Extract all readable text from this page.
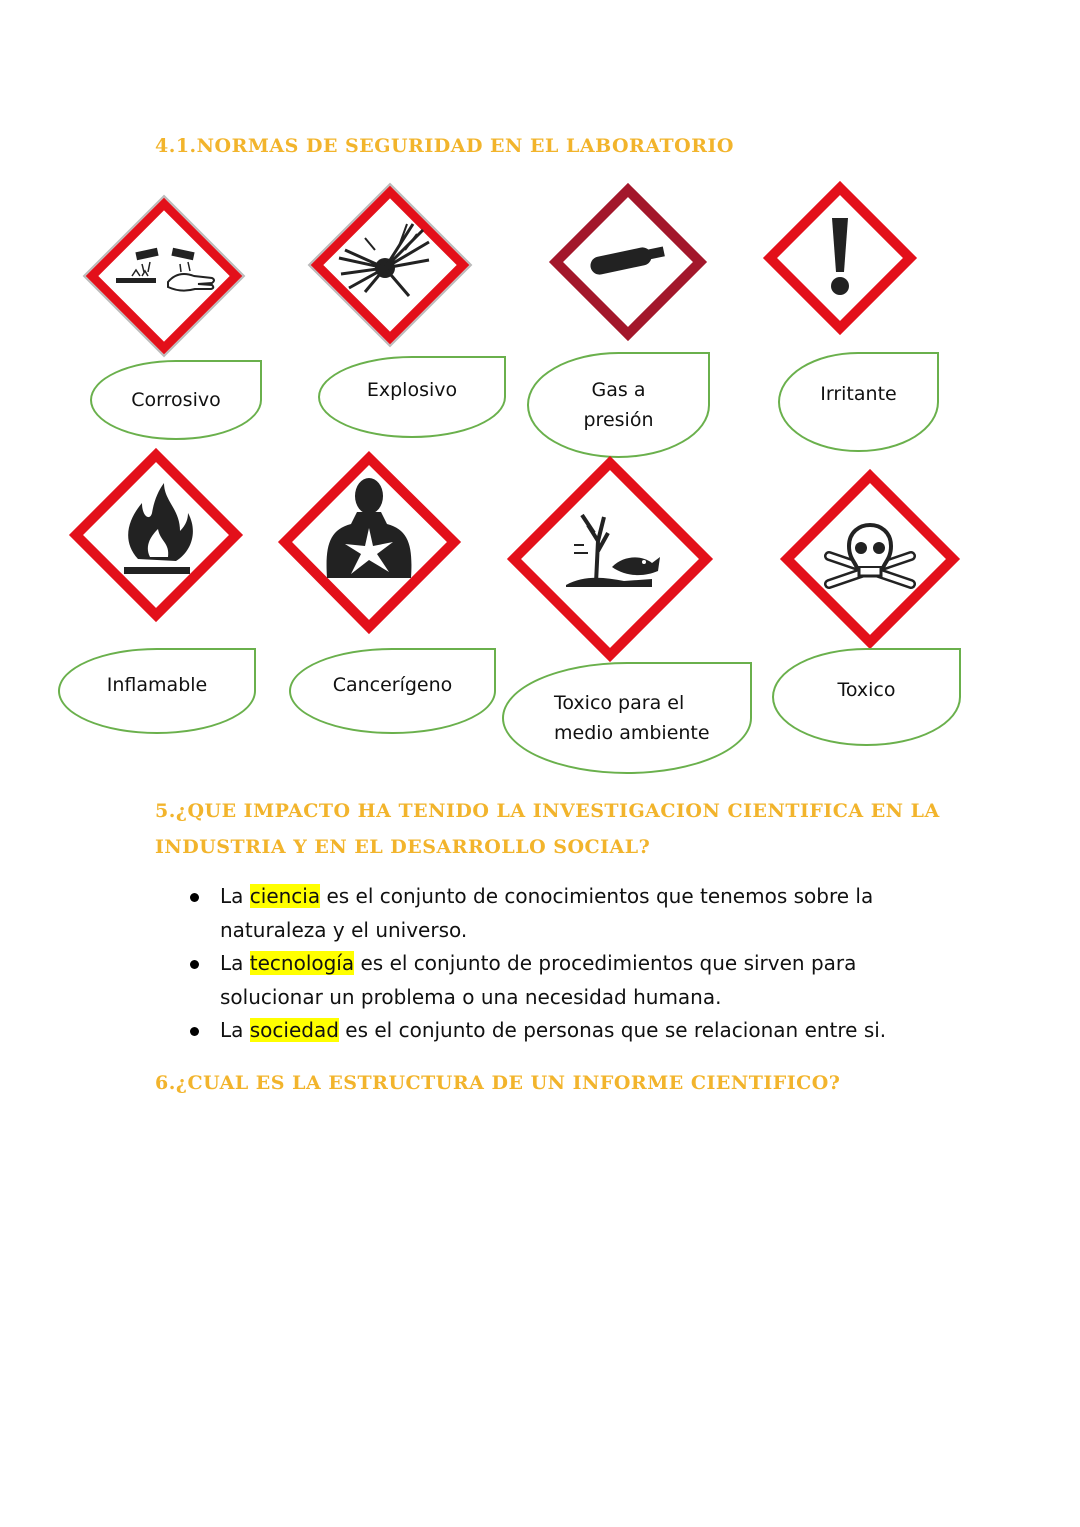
4.1.NORMAS DE SEGURIDAD EN EL LABORATORIO
Corrosivo	Explosivo	Gas a
presión
Irritante
Inflamable	Cancerígeno
Toxico para el
medio ambiente
Toxico
5.¿QUE IMPACTO HA TENIDO LA INVESTIGACION CIENTIFICA EN LA
INDUSTRIA Y EN EL DESARROLLO SOCIAL?
La ciencia es el conjunto de conocimientos que tenemos sobre la
naturaleza y el universo.
La tecnología es el conjunto de procedimientos que sirven para
solucionar un problema o una necesidad humana.
La sociedad es el conjunto de personas que se relacionan entre si.
6.¿CUAL ES LA ESTRUCTURA DE UN INFORME CIENTIFICO?
